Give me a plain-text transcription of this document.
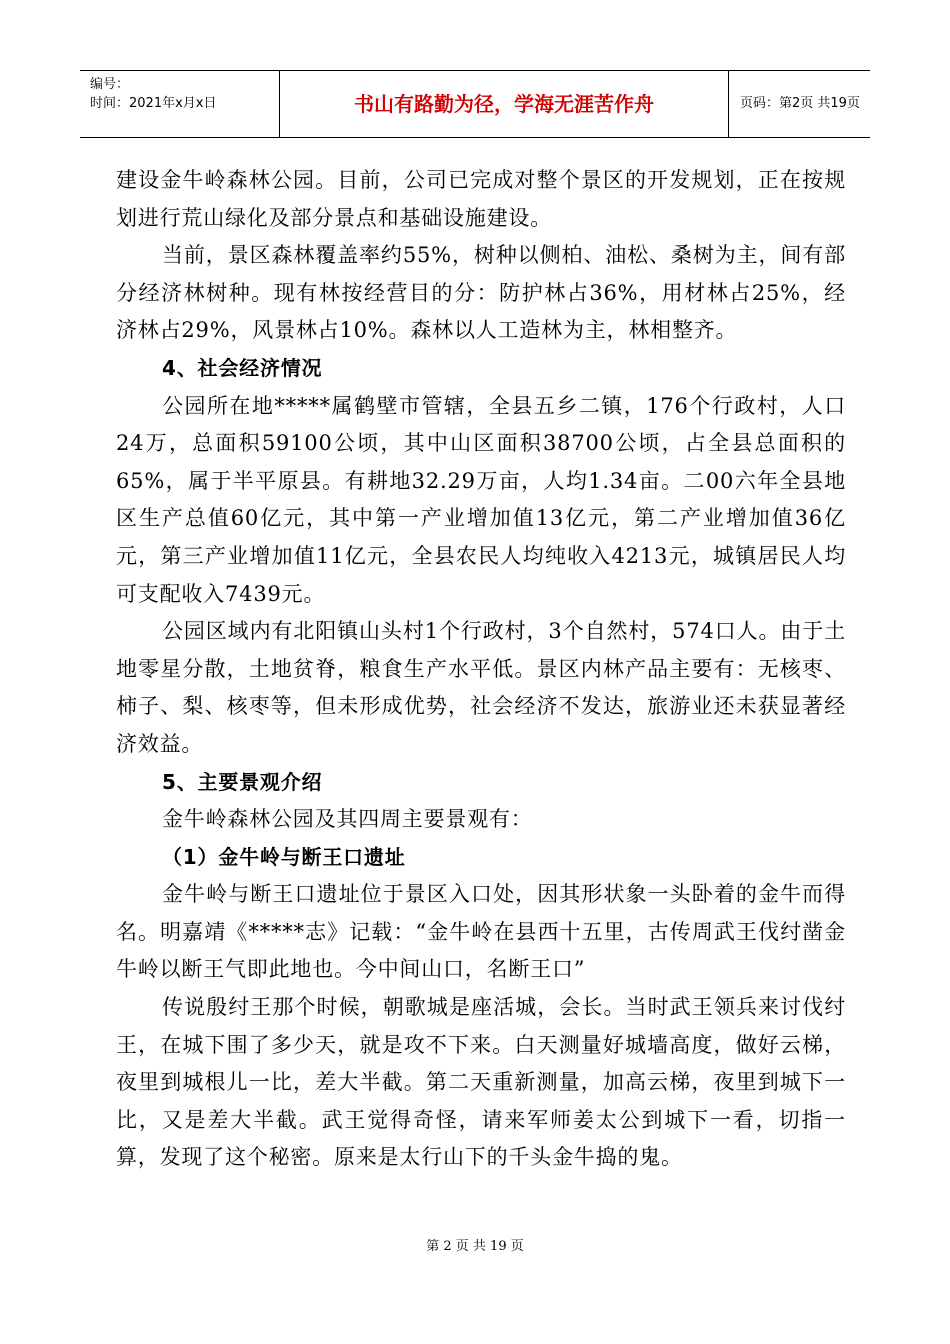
编号：
时间：2021年x月x日	书山有路勤为径，学海无涯苦作舟	页码：第2页 共19页

建设金牛岭森林公园。目前，公司已完成对整个景区的开发规划，正在按规划进行荒山绿化及部分景点和基础设施建设。

当前，景区森林覆盖率约55%，树种以侧柏、油松、桑树为主，间有部分经济林树种。现有林按经营目的分：防护林占36%，用材林占25%，经济林占29%，风景林占10%。森林以人工造林为主，林相整齐。

4、社会经济情况

公园所在地*****属鹤壁市管辖，全县五乡二镇，176个行政村，人口24万，总面积59100公顷，其中山区面积38700公顷，占全县总面积的65%，属于半平原县。有耕地32.29万亩，人均1.34亩。二00六年全县地区生产总值60亿元，其中第一产业增加值13亿元，第二产业增加值36亿元，第三产业增加值11亿元，全县农民人均纯收入4213元，城镇居民人均可支配收入7439元。

公园区域内有北阳镇山头村1个行政村，3个自然村，574口人。由于土地零星分散，土地贫脊，粮食生产水平低。景区内林产品主要有：无核枣、柿子、梨、核枣等，但未形成优势，社会经济不发达，旅游业还未获显著经济效益。

5、主要景观介绍

金牛岭森林公园及其四周主要景观有：

（1）金牛岭与断王口遗址

金牛岭与断王口遗址位于景区入口处，因其形状象一头卧着的金牛而得名。明嘉靖《*****志》记载：“金牛岭在县西十五里，古传周武王伐纣凿金牛岭以断王气即此地也。今中间山口，名断王口”

传说殷纣王那个时候，朝歌城是座活城，会长。当时武王领兵来讨伐纣王，在城下围了多少天，就是攻不下来。白天测量好城墙高度，做好云梯，夜里到城根儿一比，差大半截。第二天重新测量，加高云梯，夜里到城下一比，又是差大半截。武王觉得奇怪，请来军师姜太公到城下一看，切指一算，发现了这个秘密。原来是太行山下的千头金牛捣的鬼。

第 2 页 共 19 页
